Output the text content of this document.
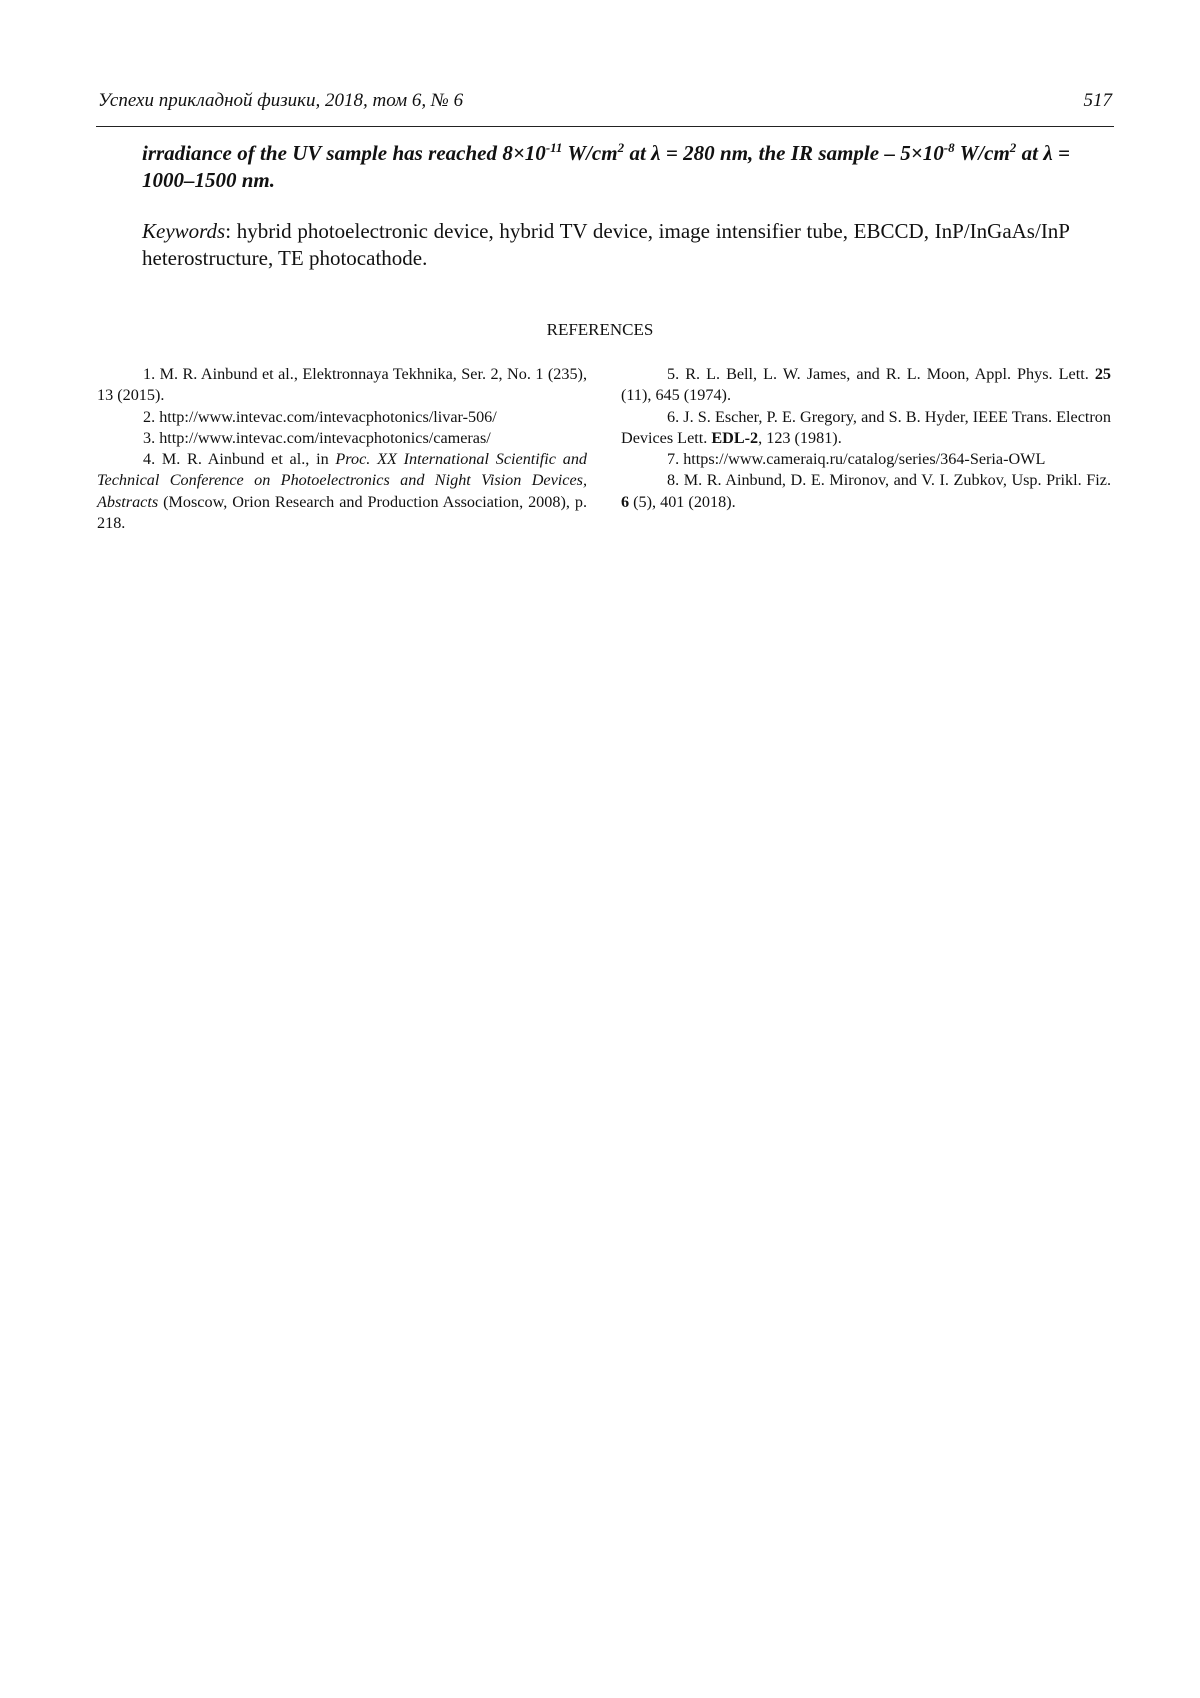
Успехи прикладной физики, 2018, том 6, № 6	517
irradiance of the UV sample has reached $8\times 10^{-11}$ $W/cm^2$ at λ = 280 nm, the IR sample – $5\times 10^{-8}$ $W/cm^2$ at λ = 1000–1500 nm.
Keywords: hybrid photoelectronic device, hybrid TV device, image intensifier tube, EBCCD, InP/InGaAs/InP heterostructure, TE photocathode.
REFERENCES

1. M. R. Ainbund et al., Elektronnaya Tekhnika, Ser. 2, No. 1 (235), 13 (2015).

2. http://www.intevac.com/intevacphotonics/livar-506/

3. http://www.intevac.com/intevacphotonics/cameras/

4. M. R. Ainbund et al., in Proc. XX International Scientific and Technical Conference on Photoelectronics and Night Vision Devices, Abstracts (Moscow, Orion Research and Production Association, 2008), p. 218.

5. R. L. Bell, L. W. James, and R. L. Moon, Appl. Phys. Lett. 25 (11), 645 (1974).

6. J. S. Escher, P. E. Gregory, and S. B. Hyder, IEEE Trans. Electron Devices Lett. EDL-2, 123 (1981).

7. https://www.cameraiq.ru/catalog/series/364-Seria-OWL

8. M. R. Ainbund, D. E. Mironov, and V. I. Zubkov, Usp. Prikl. Fiz. 6 (5), 401 (2018).
